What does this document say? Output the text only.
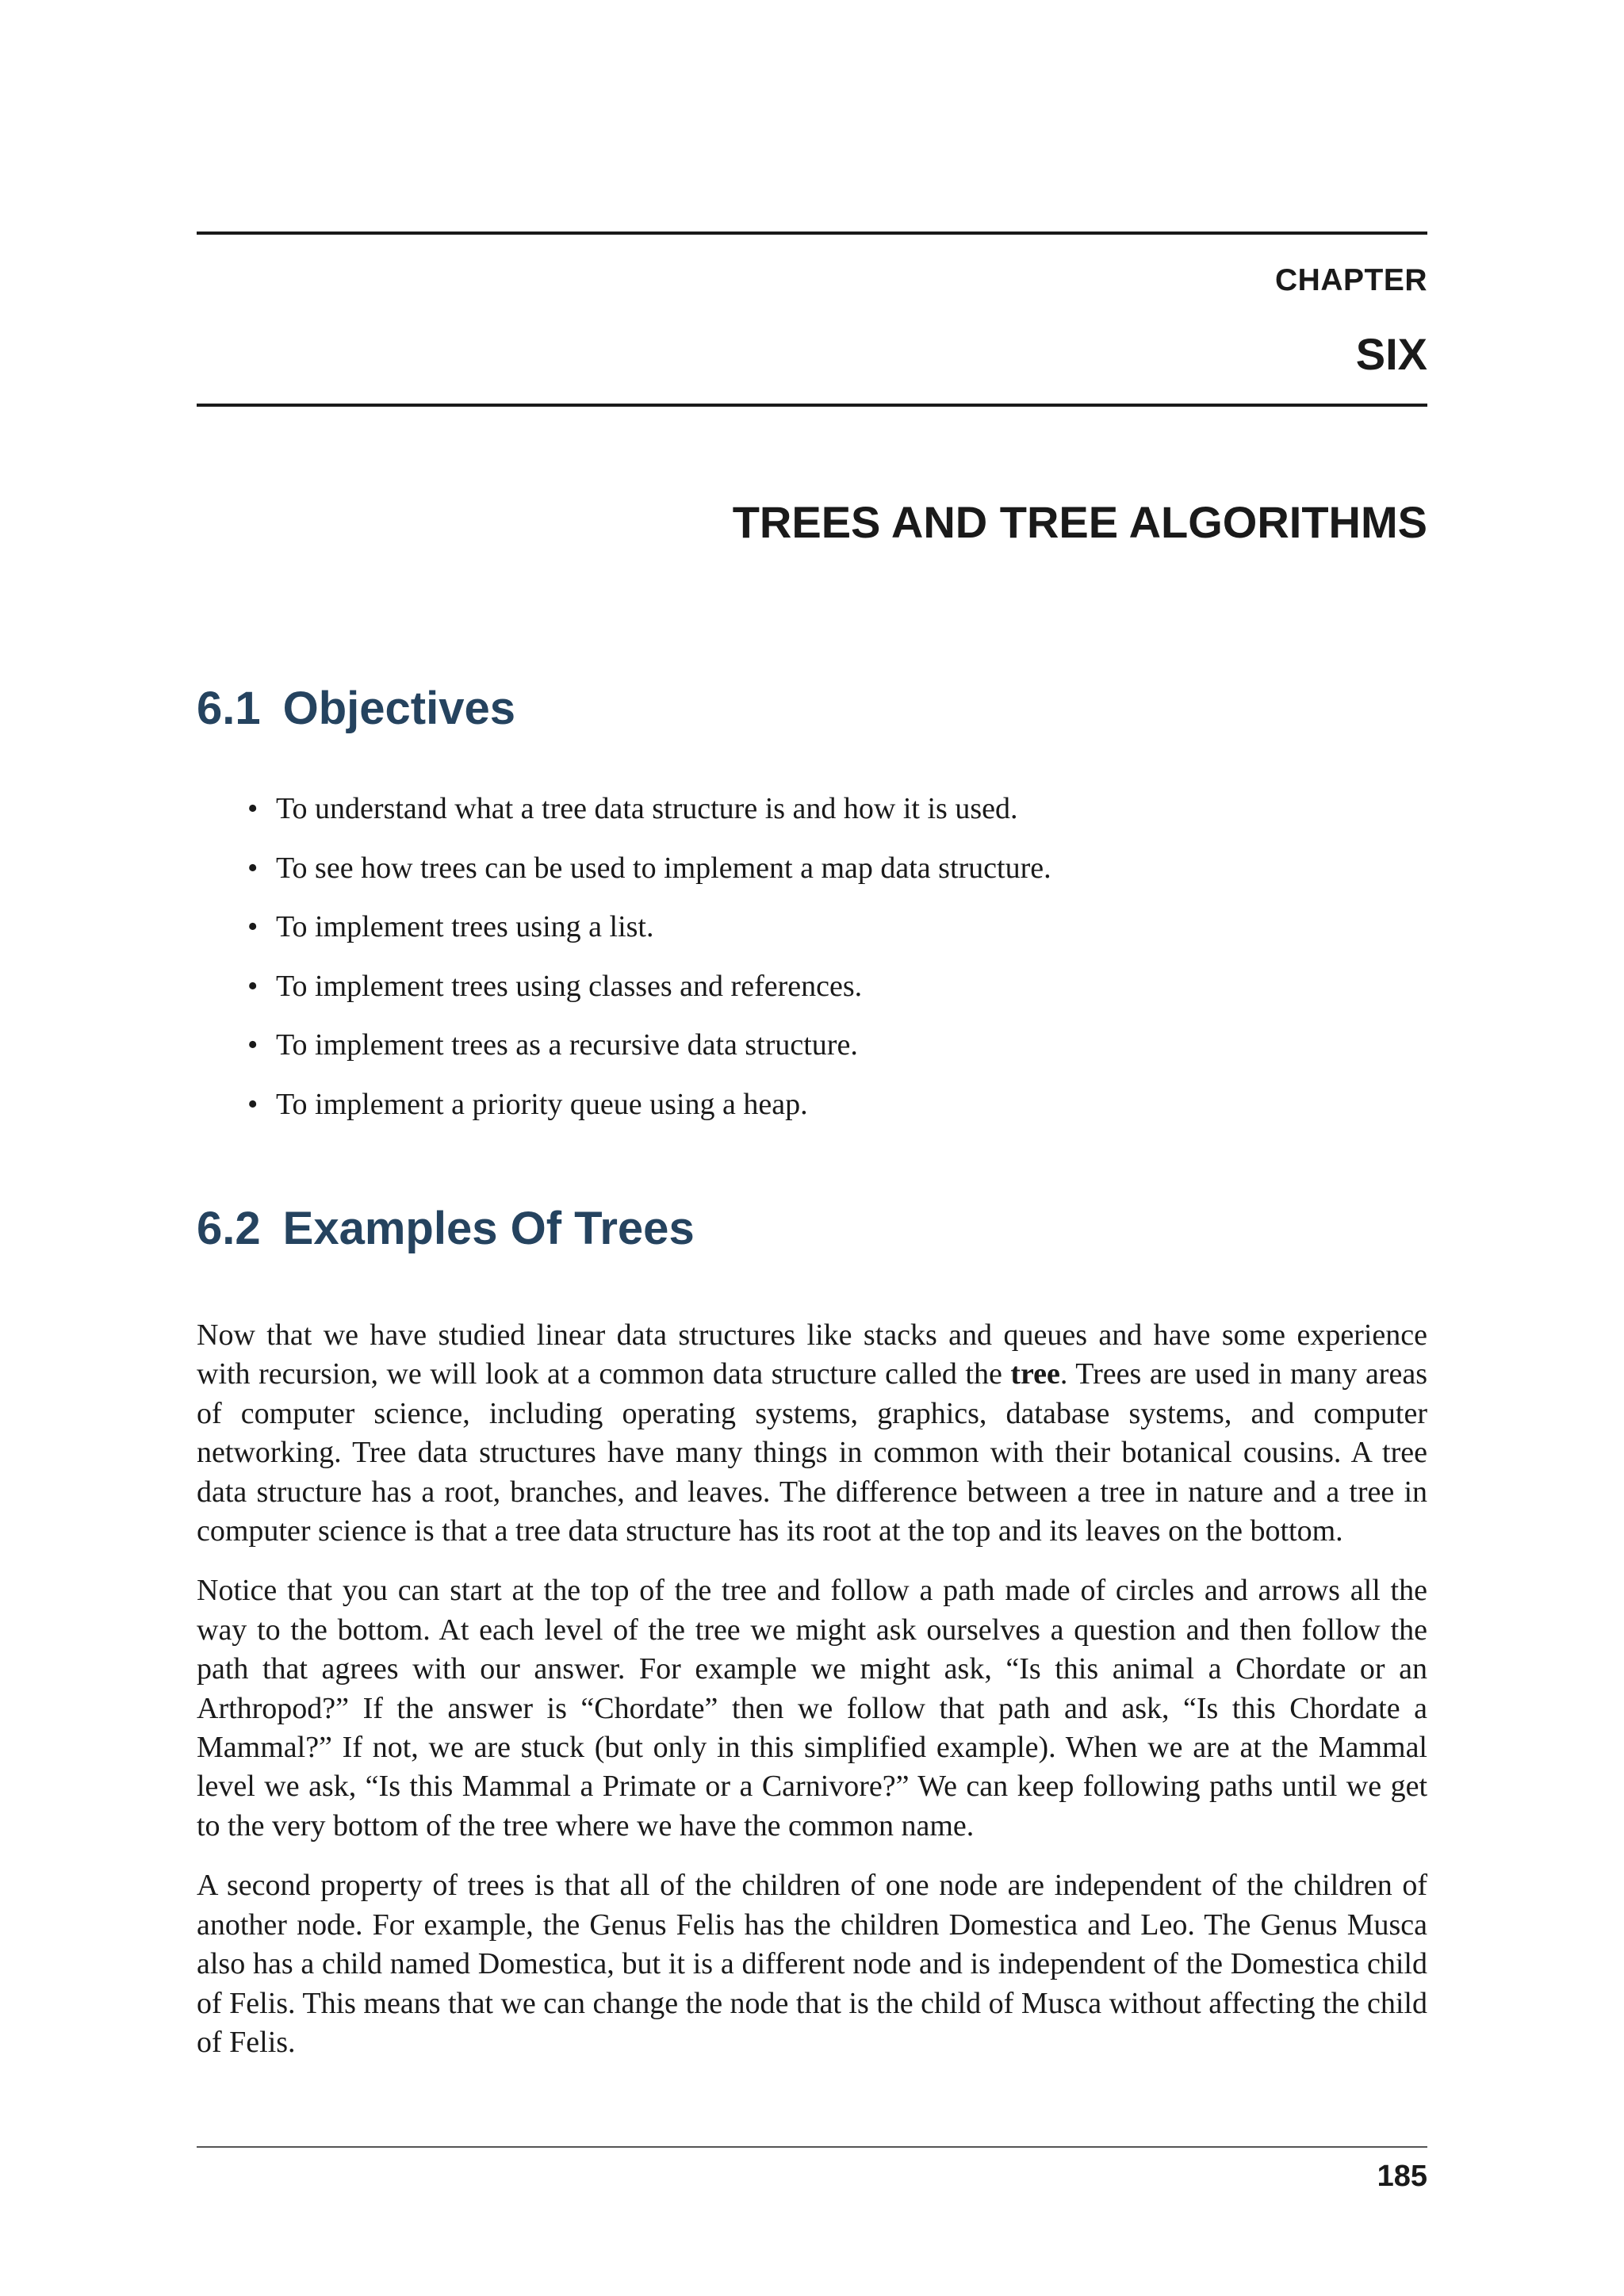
CHAPTER
SIX
TREES AND TREE ALGORITHMS
6.1 Objectives
• To understand what a tree data structure is and how it is used.
• To see how trees can be used to implement a map data structure.
• To implement trees using a list.
• To implement trees using classes and references.
• To implement trees as a recursive data structure.
• To implement a priority queue using a heap.
6.2 Examples Of Trees

Now that we have studied linear data structures like stacks and queues and have some experience with recursion, we will look at a common data structure called the tree. Trees are used in many areas of computer science, including operating systems, graphics, database systems, and computer networking. Tree data structures have many things in common with their botanical cousins. A tree data structure has a root, branches, and leaves. The difference between a tree in nature and a tree in computer science is that a tree data structure has its root at the top and its leaves on the bottom.

Notice that you can start at the top of the tree and follow a path made of circles and arrows all the way to the bottom. At each level of the tree we might ask ourselves a question and then follow the path that agrees with our answer. For example we might ask, “Is this animal a Chordate or an Arthropod?” If the answer is “Chordate” then we follow that path and ask, “Is this Chordate a Mammal?” If not, we are stuck (but only in this simplified example). When we are at the Mammal level we ask, “Is this Mammal a Primate or a Carnivore?” We can keep following paths until we get to the very bottom of the tree where we have the common name.

A second property of trees is that all of the children of one node are independent of the children of another node. For example, the Genus Felis has the children Domestica and Leo. The Genus Musca also has a child named Domestica, but it is a different node and is independent of the Domestica child of Felis. This means that we can change the node that is the child of Musca without affecting the child of Felis.

185
